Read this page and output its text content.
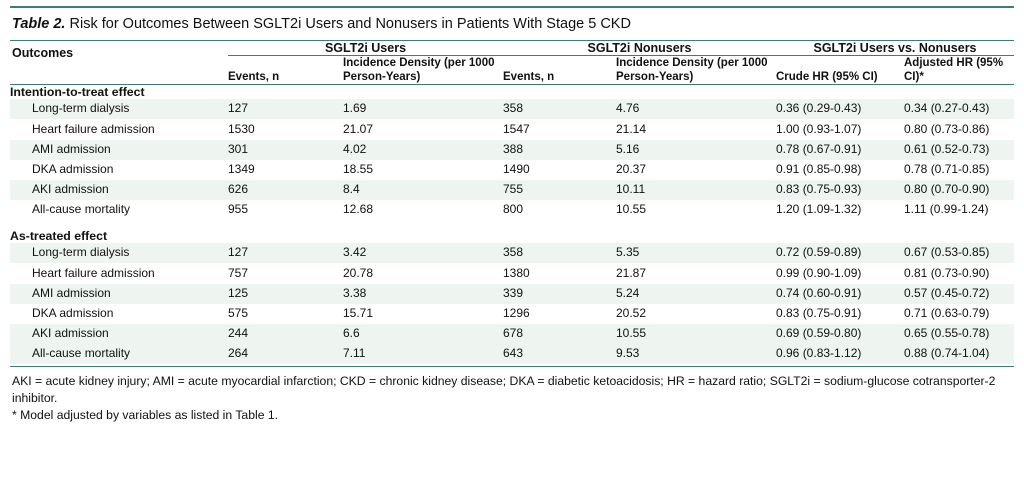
Table 2. Risk for Outcomes Between SGLT2i Users and Nonusers in Patients With Stage 5 CKD
Outcomes	SGLT2i Users		SGLT2i Nonusers		SGLT2i Users vs. Nonusers	
	Events, n	Incidence Density (per 1000 Person-Years)	Events, n	Incidence Density (per 1000 Person-Years)	Crude HR (95% CI)	Adjusted HR (95% CI)*

Intention-to-treat effect						
Long-term dialysis	127	1.69	358	4.76	0.36 (0.29-0.43)	0.34 (0.27-0.43)
Heart failure admission	1530	21.07	1547	21.14	1.00 (0.93-1.07)	0.80 (0.73-0.86)
AMI admission	301	4.02	388	5.16	0.78 (0.67-0.91)	0.61 (0.52-0.73)
DKA admission	1349	18.55	1490	20.37	0.91 (0.85-0.98)	0.78 (0.71-0.85)
AKI admission	626	8.4	755	10.11	0.83 (0.75-0.93)	0.80 (0.70-0.90)
All-cause mortality	955	12.68	800	10.55	1.20 (1.09-1.32)	1.11 (0.99-1.24)

As-treated effect						
Long-term dialysis	127	3.42	358	5.35	0.72 (0.59-0.89)	0.67 (0.53-0.85)
Heart failure admission	757	20.78	1380	21.87	0.99 (0.90-1.09)	0.81 (0.73-0.90)
AMI admission	125	3.38	339	5.24	0.74 (0.60-0.91)	0.57 (0.45-0.72)
DKA admission	575	15.71	1296	20.52	0.83 (0.75-0.91)	0.71 (0.63-0.79)
AKI admission	244	6.6	678	10.55	0.69 (0.59-0.80)	0.65 (0.55-0.78)
All-cause mortality	264	7.11	643	9.53	0.96 (0.83-1.12)	0.88 (0.74-1.04)
AKI = acute kidney injury; AMI = acute myocardial infarction; CKD = chronic kidney disease; DKA = diabetic ketoacidosis; HR = hazard ratio; SGLT2i = sodium-glucose cotransporter-2 inhibitor.
* Model adjusted by variables as listed in Table 1.
